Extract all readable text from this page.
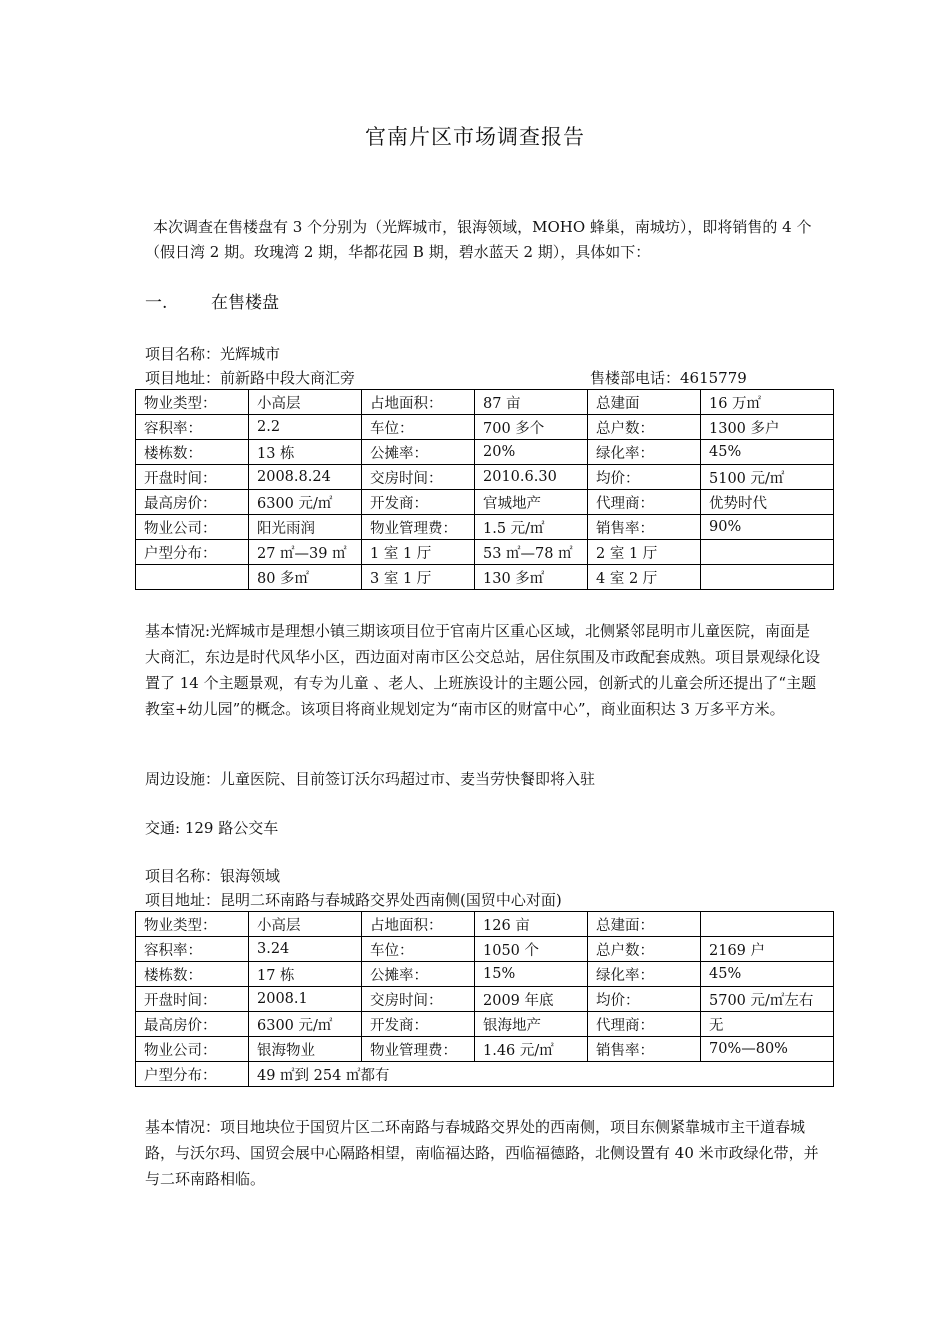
官南片区市场调查报告
本次调查在售楼盘有 3 个分别为（光辉城市，银海领域，MOHO 蜂巢，南城坊），即将销售的 4 个（假日湾 2 期。玫瑰湾 2 期，华都花园 B 期，碧水蓝天 2 期），具体如下：
一.	在售楼盘
项目名称：光辉城市
项目地址：前新路中段大商汇旁	售楼部电话：4615779
物业类型：	小高层	占地面积：	87 亩	总建面	16 万㎡
容积率：	2.2	车位：	700 多个	总户数：	1300 多户
楼栋数：	13 栋	公摊率：	20%	绿化率：	45%
开盘时间：	2008.8.24	交房时间：	2010.6.30	均价：	5100 元/㎡
最高房价：	6300 元/㎡	开发商：	官城地产	代理商：	优势时代
物业公司：	阳光雨润	物业管理费：	1.5 元/㎡	销售率：	90%
户型分布：	27 ㎡—39 ㎡	1 室 1 厅	53 ㎡—78 ㎡	2 室 1 厅	
	80 多㎡	3 室 1 厅	130 多㎡	4 室 2 厅	
基本情况:光辉城市是理想小镇三期该项目位于官南片区重心区域，北侧紧邻昆明市儿童医院，南面是大商汇，东边是时代风华小区，西边面对南市区公交总站，居住氛围及市政配套成熟。项目景观绿化设置了 14 个主题景观，有专为儿童 、老人、上班族设计的主题公园，创新式的儿童会所还提出了“主题教室+幼儿园”的概念。该项目将商业规划定为“南市区的财富中心”，商业面积达 3 万多平方米。
周边设施：儿童医院、目前签订沃尔玛超过市、麦当劳快餐即将入驻
交通: 129 路公交车
项目名称：银海领域
项目地址：昆明二环南路与春城路交界处西南侧(国贸中心对面)
物业类型：	小高层	占地面积：	126 亩	总建面：	
容积率：	3.24	车位：	1050 个	总户数：	2169 户
楼栋数：	17 栋	公摊率：	15%	绿化率：	45%
开盘时间：	2008.1	交房时间：	2009 年底	均价：	5700 元/㎡左右
最高房价：	6300 元/㎡	开发商：	银海地产	代理商：	无
物业公司：	银海物业	物业管理费：	1.46 元/㎡	销售率：	70%—80%
户型分布：	49 ㎡到 254 ㎡都有				
基本情况：项目地块位于国贸片区二环南路与春城路交界处的西南侧，项目东侧紧靠城市主干道春城路，与沃尔玛、国贸会展中心隔路相望，南临福达路，西临福德路，北侧设置有 40 米市政绿化带，并与二环南路相临。
